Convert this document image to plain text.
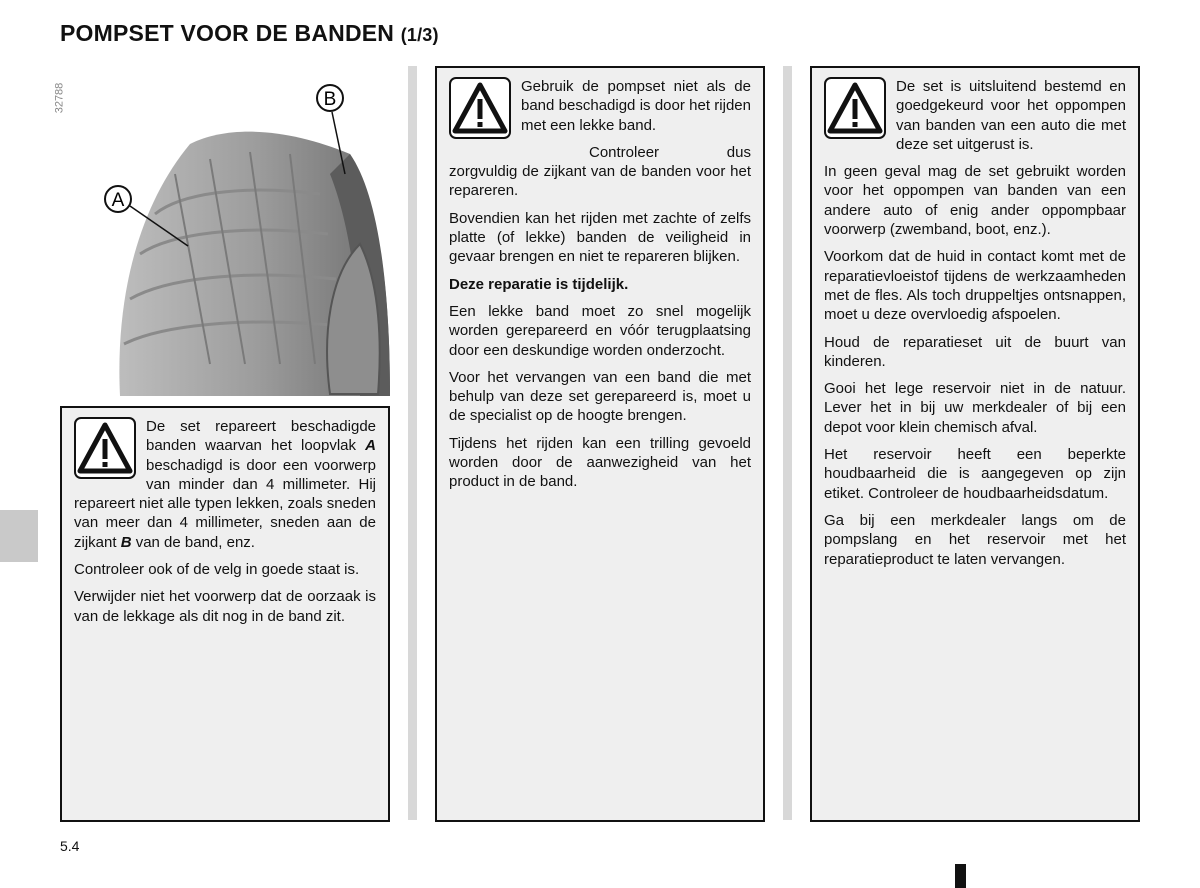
POMPSET VOOR DE BANDEN (1/3)
B
A
32788

De set repareert beschadigde banden waarvan het loopvlak A beschadigd is door een voorwerp van minder dan 4 millimeter. Hij repareert niet alle typen lekken, zoals sneden van meer dan 4 millimeter, sneden aan de zijkant B van de band, enz.

Controleer ook of de velg in goede staat is.

Verwijder niet het voorwerp dat de oorzaak is van de lekkage als dit nog in de band zit.

Gebruik de pompset niet als de band beschadigd is door het rijden met een lekke band.

Controleer dus zorgvuldig de zijkant van de banden voor het repareren.

Bovendien kan het rijden met zachte of zelfs platte (of lekke) banden de veiligheid in gevaar brengen en niet te repareren blijken.

Deze reparatie is tijdelijk.

Een lekke band moet zo snel mogelijk worden gerepareerd en vóór terugplaatsing door een deskundige worden onderzocht.

Voor het vervangen van een band die met behulp van deze set gerepareerd is, moet u de specialist op de hoogte brengen.

Tijdens het rijden kan een trilling gevoeld worden door de aanwezigheid van het product in de band.

De set is uitsluitend bestemd en goedgekeurd voor het oppompen van banden van een auto die met deze set uitgerust is.

In geen geval mag de set gebruikt worden voor het oppompen van banden van een andere auto of enig ander oppompbaar voorwerp (zwemband, boot, enz.).

Voorkom dat de huid in contact komt met de reparatievloeistof tijdens de werkzaamheden met de fles. Als toch druppeltjes ontsnappen, moet u deze overvloedig afspoelen.

Houd de reparatieset uit de buurt van kinderen.

Gooi het lege reservoir niet in de natuur. Lever het in bij uw merkdealer of bij een depot voor klein chemisch afval.

Het reservoir heeft een beperkte houdbaarheid die is aangegeven op zijn etiket. Controleer de houdbaarheidsdatum.

Ga bij een merkdealer langs om de pompslang en het reservoir met het reparatieproduct te laten vervangen.

5.4
